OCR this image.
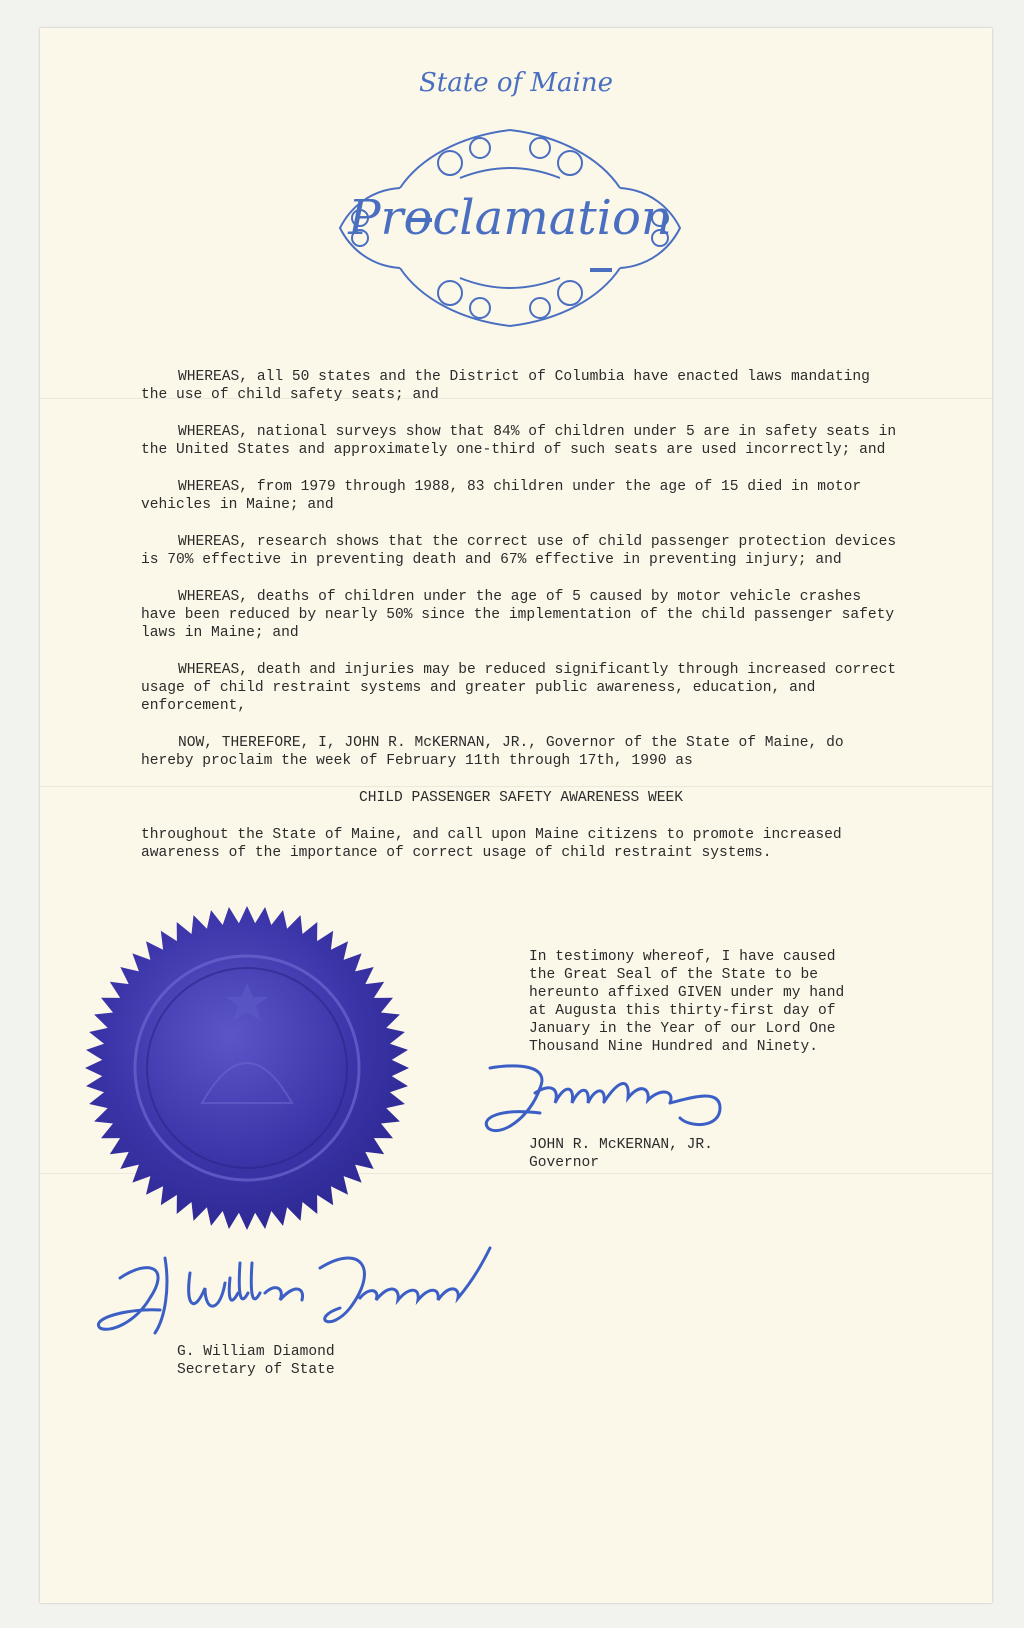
State of Maine
Proclamation

WHEREAS, all 50 states and the District of Columbia have enacted laws mandating the use of child safety seats; and

WHEREAS, national surveys show that 84% of children under 5 are in safety seats in the United States and approximately one-third of such seats are used incorrectly; and

WHEREAS, from 1979 through 1988, 83 children under the age of 15 died in motor vehicles in Maine; and

WHEREAS, research shows that the correct use of child passenger protection devices is 70% effective in preventing death and 67% effective in preventing injury; and

WHEREAS, deaths of children under the age of 5 caused by motor vehicle crashes have been reduced by nearly 50% since the implementation of the child passenger safety laws in Maine; and

WHEREAS, death and injuries may be reduced significantly through increased correct usage of child restraint systems and greater public awareness, education, and enforcement,

NOW, THEREFORE, I, JOHN R. McKERNAN, JR., Governor of the State of Maine, do hereby proclaim the week of February 11th through 17th, 1990 as

CHILD PASSENGER SAFETY AWARENESS WEEK

throughout the State of Maine, and call upon Maine citizens to promote increased awareness of the importance of correct usage of child restraint systems.

In testimony whereof, I have caused the Great Seal of the State to be hereunto affixed GIVEN under my hand at Augusta this thirty-first day of January in the Year of our Lord One Thousand Nine Hundred and Ninety.
JOHN R. McKERNAN, JR.
Governor
G. William Diamond
Secretary of State
